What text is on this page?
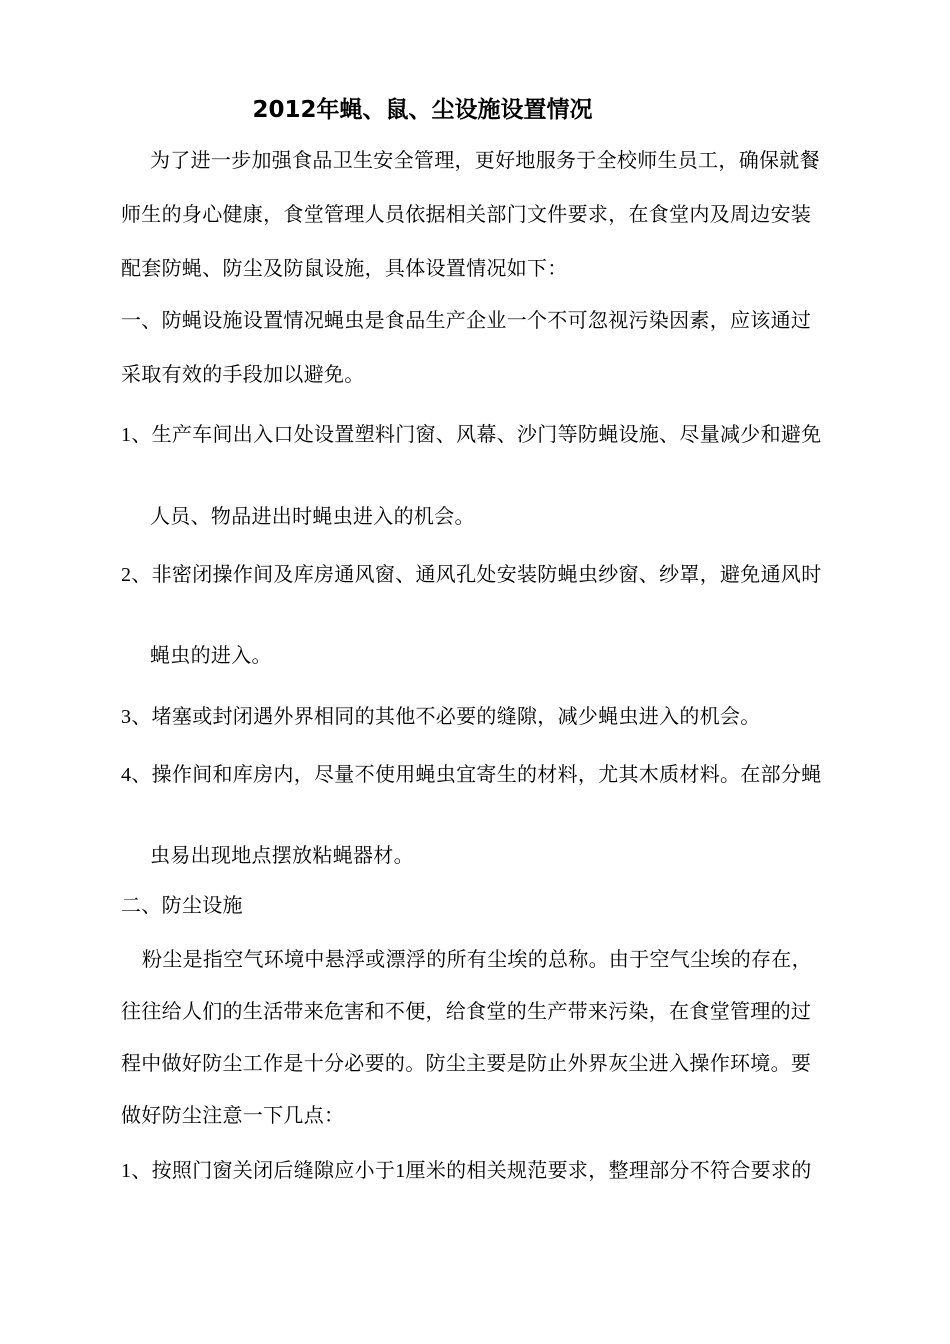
2012年蝇、鼠、尘设施设置情况
为了进一步加强食品卫生安全管理，更好地服务于全校师生员工，确保就餐
师生的身心健康，食堂管理人员依据相关部门文件要求，在食堂内及周边安装
配套防蝇、防尘及防鼠设施，具体设置情况如下：
一、防蝇设施设置情况蝇虫是食品生产企业一个不可忽视污染因素，应该通过
采取有效的手段加以避免。
1、生产车间出入口处设置塑料门窗、风幕、沙门等防蝇设施、尽量减少和避免
人员、物品进出时蝇虫进入的机会。
2、非密闭操作间及库房通风窗、通风孔处安装防蝇虫纱窗、纱罩，避免通风时
蝇虫的进入。
3、堵塞或封闭遇外界相同的其他不必要的缝隙，减少蝇虫进入的机会。
4、操作间和库房内，尽量不使用蝇虫宜寄生的材料，尤其木质材料。在部分蝇
虫易出现地点摆放粘蝇器材。
二、防尘设施
粉尘是指空气环境中悬浮或漂浮的所有尘埃的总称。由于空气尘埃的存在，
往往给人们的生活带来危害和不便，给食堂的生产带来污染，在食堂管理的过
程中做好防尘工作是十分必要的。防尘主要是防止外界灰尘进入操作环境。要
做好防尘注意一下几点：
1、按照门窗关闭后缝隙应小于1厘米的相关规范要求，整理部分不符合要求的
